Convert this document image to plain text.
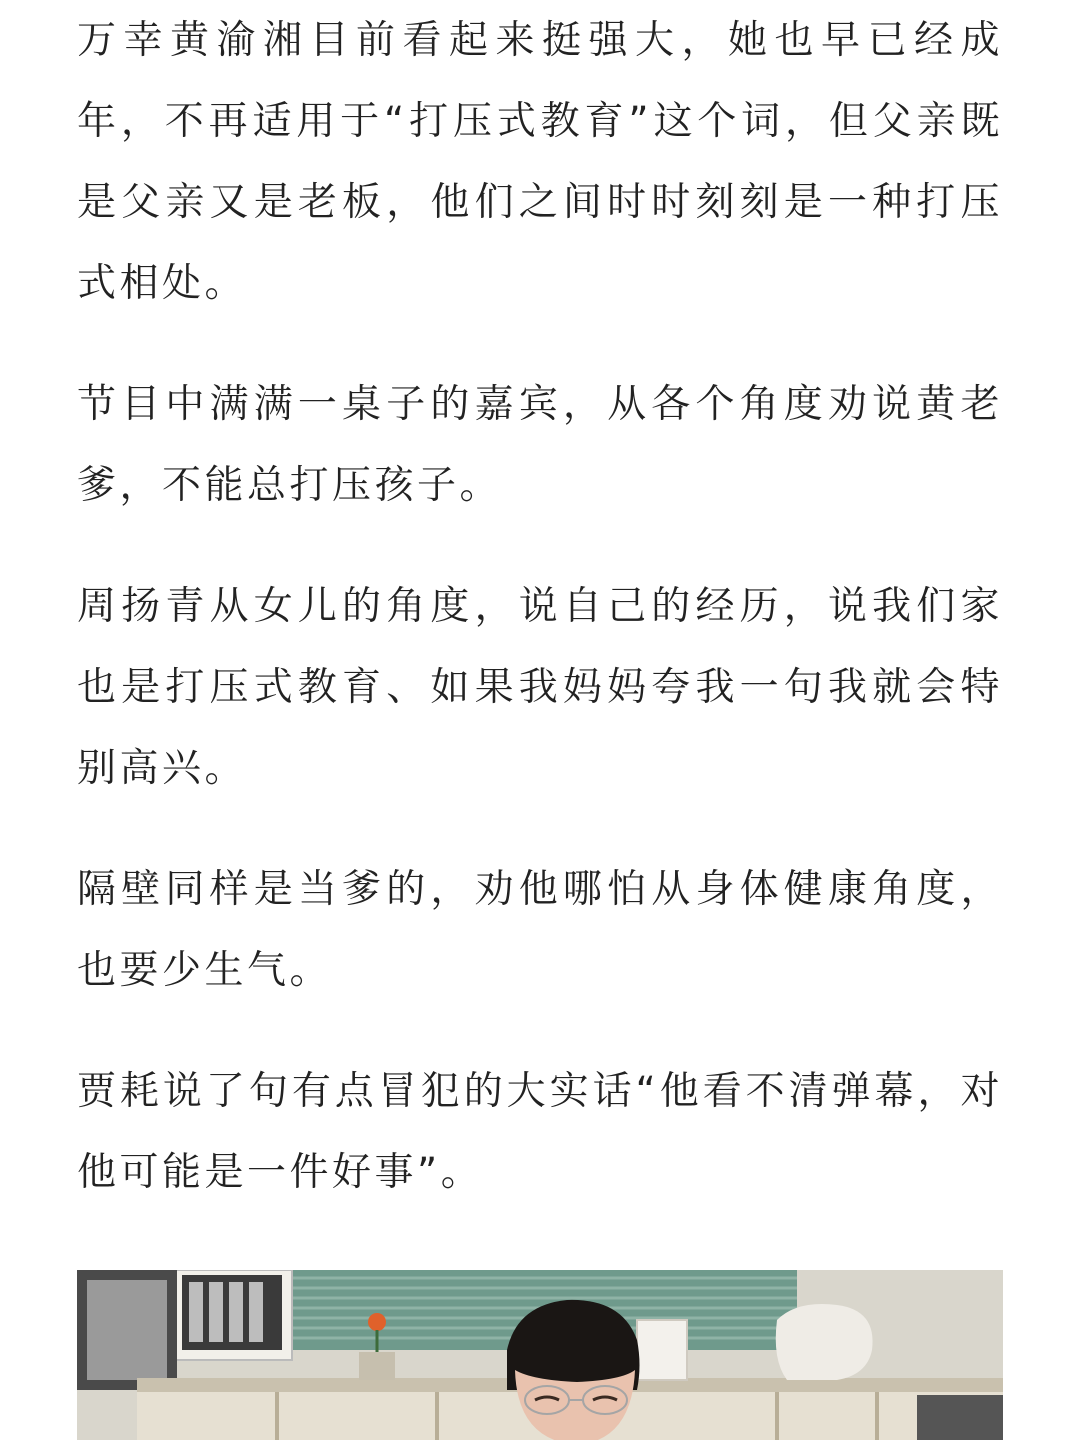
万幸黄渝湘目前看起来挺强大，她也早已经成年，不再适用于“打压式教育”这个词，但父亲既是父亲又是老板，他们之间时时刻刻是一种打压式相处。

节目中满满一桌子的嘉宾，从各个角度劝说黄老爹，不能总打压孩子。

周扬青从女儿的角度，说自己的经历，说我们家也是打压式教育、如果我妈妈夸我一句我就会特别高兴。

隔壁同样是当爹的，劝他哪怕从身体健康角度，也要少生气。

贾耗说了句有点冒犯的大实话“他看不清弹幕，对他可能是一件好事”。
